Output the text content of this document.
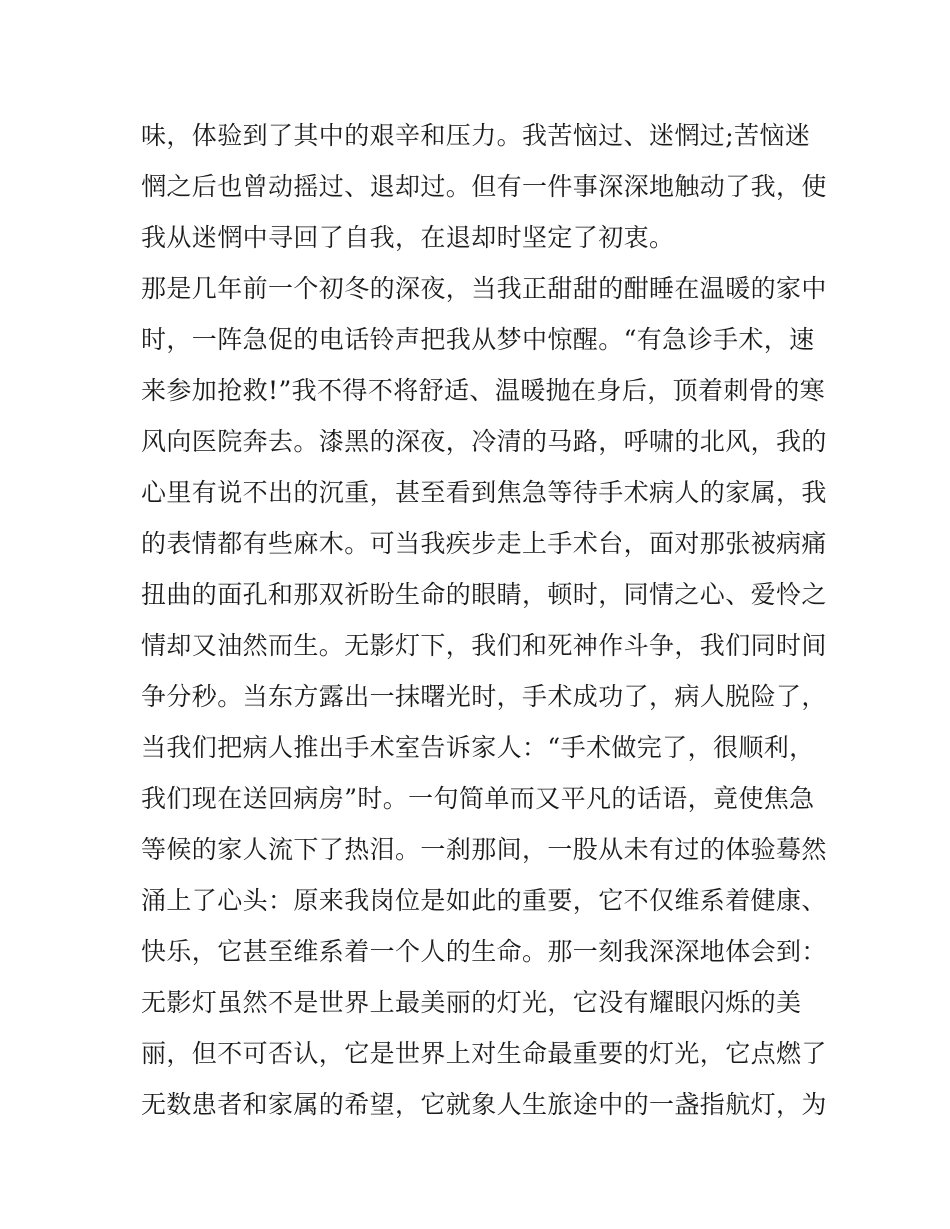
味，体验到了其中的艰辛和压力。我苦恼过、迷惘过;苦恼迷
惘之后也曾动摇过、退却过。但有一件事深深地触动了我，使
我从迷惘中寻回了自我，在退却时坚定了初衷。
那是几年前一个初冬的深夜，当我正甜甜的酣睡在温暖的家中
时，一阵急促的电话铃声把我从梦中惊醒。“有急诊手术，速
来参加抢救!”我不得不将舒适、温暖抛在身后，顶着刺骨的寒
风向医院奔去。漆黑的深夜，冷清的马路，呼啸的北风，我的
心里有说不出的沉重，甚至看到焦急等待手术病人的家属，我
的表情都有些麻木。可当我疾步走上手术台，面对那张被病痛
扭曲的面孔和那双祈盼生命的眼睛，顿时，同情之心、爱怜之
情却又油然而生。无影灯下，我们和死神作斗争，我们同时间
争分秒。当东方露出一抹曙光时，手术成功了，病人脱险了，
当我们把病人推出手术室告诉家人：“手术做完了，很顺利，
我们现在送回病房”时。一句简单而又平凡的话语，竟使焦急
等候的家人流下了热泪。一刹那间，一股从未有过的体验蓦然
涌上了心头：原来我岗位是如此的重要，它不仅维系着健康、
快乐，它甚至维系着一个人的生命。那一刻我深深地体会到：
无影灯虽然不是世界上最美丽的灯光，它没有耀眼闪烁的美
丽，但不可否认，它是世界上对生命最重要的灯光，它点燃了
无数患者和家属的希望，它就象人生旅途中的一盏指航灯，为
